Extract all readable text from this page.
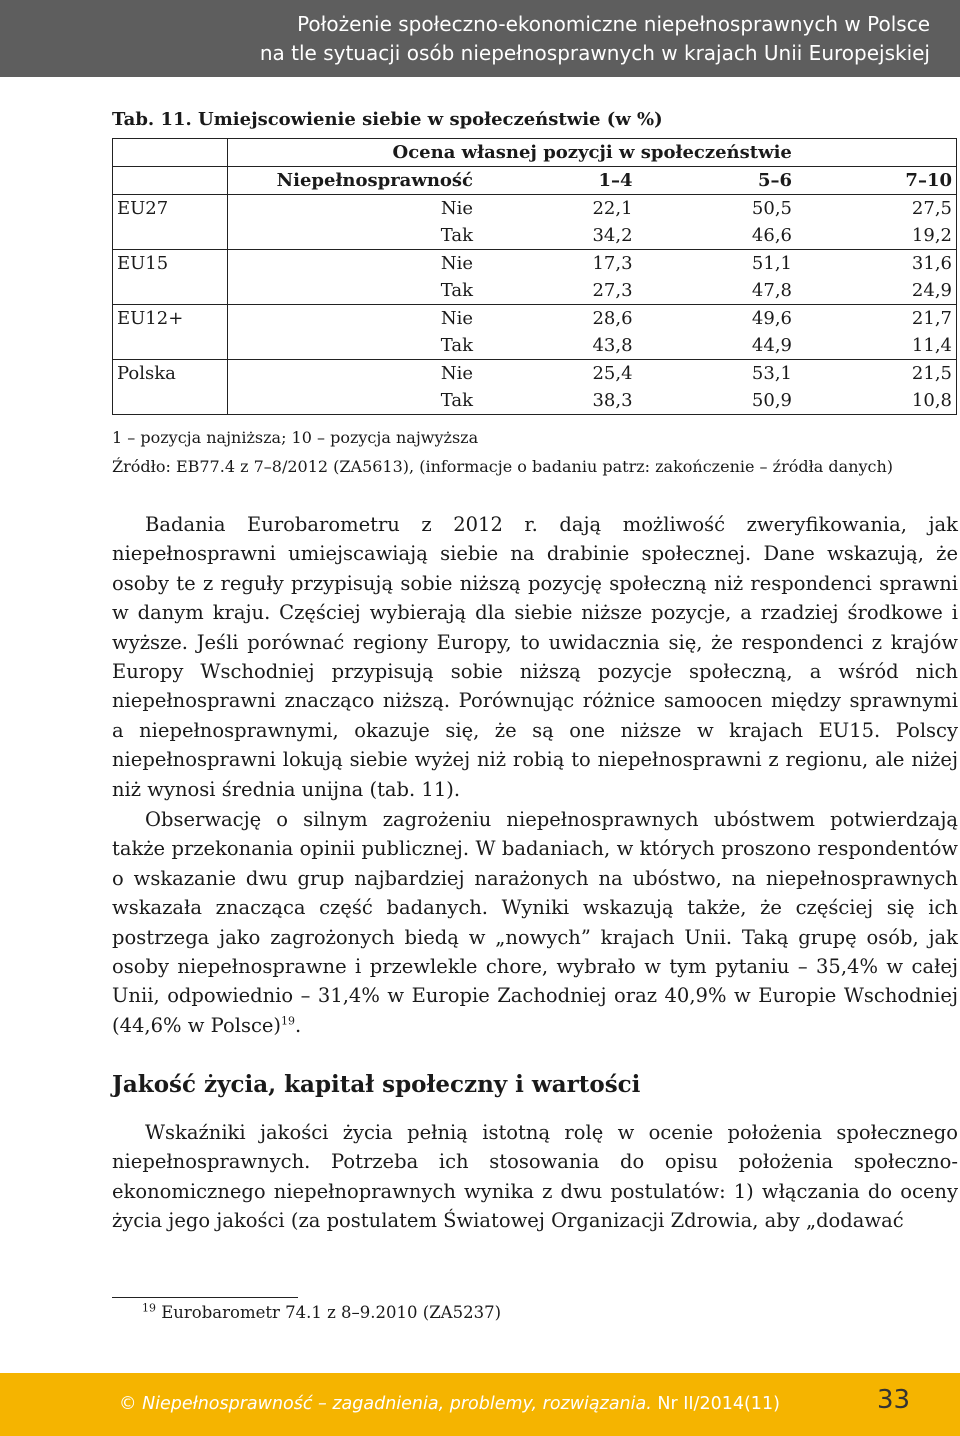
Położenie społeczno-ekonomiczne niepełnosprawnych w Polsce
na tle sytuacji osób niepełnosprawnych w krajach Unii Europejskiej
Tab. 11. Umiejscowienie siebie w społeczeństwie (w %)
	Ocena własnej pozycji w społeczeństwie			
	Niepełnosprawność	1–4	5–6	7–10
EU27	Nie	22,1	50,5	27,5
	Tak	34,2	46,6	19,2
EU15	Nie	17,3	51,1	31,6
	Tak	27,3	47,8	24,9
EU12+	Nie	28,6	49,6	21,7
	Tak	43,8	44,9	11,4
Polska	Nie	25,4	53,1	21,5
	Tak	38,3	50,9	10,8
1 – pozycja najniższa; 10 – pozycja najwyższa
Źródło: EB77.4 z 7–8/2012 (ZA5613), (informacje o badaniu patrz: zakończenie – źródła danych)

Badania Eurobarometru z 2012 r. dają możliwość zweryfikowania, jak niepełnosprawni umiejscawiają siebie na drabinie społecznej. Dane wskazują, że osoby te z reguły przypisują sobie niższą pozycję społeczną niż respondenci sprawni w danym kraju. Częściej wybierają dla siebie niższe pozycje, a rzadziej środkowe i wyższe. Jeśli porównać regiony Europy, to uwidacznia się, że respondenci z krajów Europy Wschodniej przypisują sobie niższą pozycje społeczną, a wśród nich niepełnosprawni znacząco niższą. Porównując różnice samoocen między sprawnymi a niepełnosprawnymi, okazuje się, że są one niższe w krajach EU15. Polscy niepełnosprawni lokują siebie wyżej niż robią to niepełnosprawni z regionu, ale niżej niż wynosi średnia unijna (tab. 11).

Obserwację o silnym zagrożeniu niepełnosprawnych ubóstwem potwierdzają także przekonania opinii publicznej. W badaniach, w których proszono respondentów o wskazanie dwu grup najbardziej narażonych na ubóstwo, na niepełnosprawnych wskazała znacząca część badanych. Wyniki wskazują także, że częściej się ich postrzega jako zagrożonych biedą w „nowych” krajach Unii. Taką grupę osób, jak osoby niepełnosprawne i przewlekle chore, wybrało w tym pytaniu – 35,4% w całej Unii, odpowiednio – 31,4% w Europie Zachodniej oraz 40,9% w Europie Wschodniej (44,6% w Polsce)$^{19}$.

Jakość życia, kapitał społeczny i wartości

Wskaźniki jakości życia pełnią istotną rolę w ocenie położenia społecznego niepełnosprawnych. Potrzeba ich stosowania do opisu położenia społeczno-ekonomicznego niepełnoprawnych wynika z dwu postulatów: 1) włączania do oceny życia jego jakości (za postulatem Światowej Organizacji Zdrowia, aby „dodawać

$^{19}$ Eurobarometr 74.1 z 8–9.2010 (ZA5237)
© Niepełnosprawność – zagadnienia, problemy, rozwiązania. Nr II/2014(11)	33
